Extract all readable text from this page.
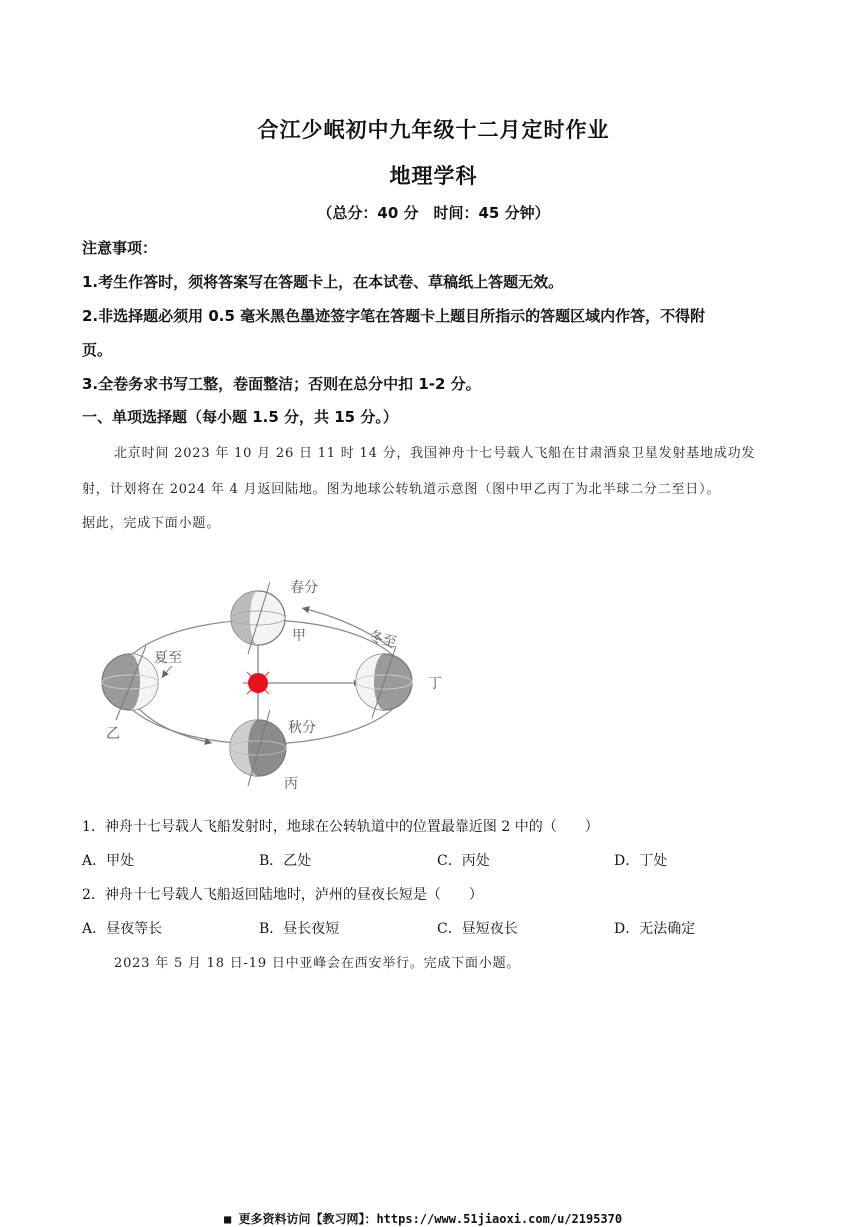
合江少岷初中九年级十二月定时作业
地理学科
（总分：40 分　时间：45 分钟）
注意事项：
1.考生作答时，须将答案写在答题卡上，在本试卷、草稿纸上答题无效。
2.非选择题必须用 0.5 毫米黑色墨迹签字笔在答题卡上题目所指示的答题区域内作答，不得附
页。
3.全卷务求书写工整，卷面整洁；否则在总分中扣 1-2 分。
一、单项选择题（每小题 1.5 分，共 15 分。）
北京时间 2023 年 10 月 26 日 11 时 14 分，我国神舟十七号载人飞船在甘肃酒泉卫星发射基地成功发
射，计划将在 2024 年 4 月返回陆地。图为地球公转轨道示意图（图中甲乙丙丁为北半球二分二至日）。
据此，完成下面小题。
春分
甲	冬至
丁
夏至
乙	秋分
丙
1．神舟十七号载人飞船发射时，地球在公转轨道中的位置最靠近图 2 中的（　　）
A．甲处	B．乙处	C．丙处	D．丁处
2．神舟十七号载人飞船返回陆地时，泸州的昼夜长短是（　　）
A．昼夜等长	B．昼长夜短	C．昼短夜长	D．无法确定
2023 年 5 月 18 日-19 日中亚峰会在西安举行。完成下面小题。
■ 更多资料访问【教习网】：https://www.51jiaoxi.com/u/2195370
